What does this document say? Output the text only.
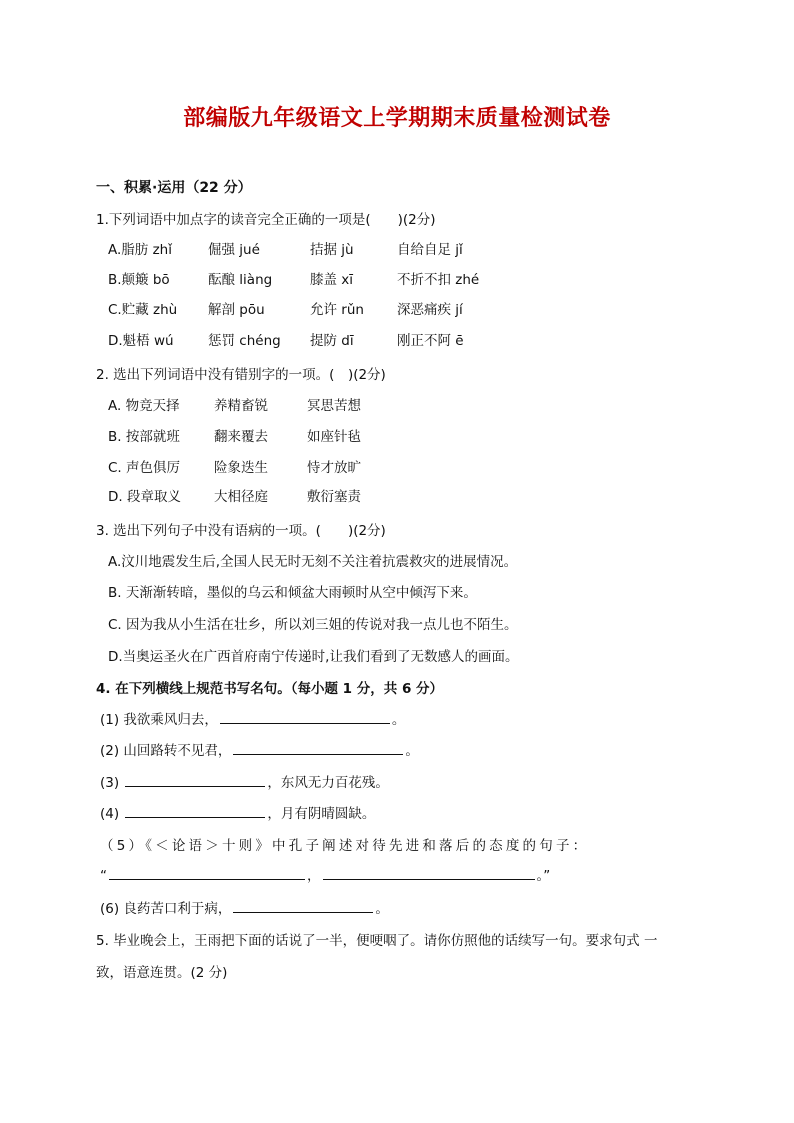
部编版九年级语文上学期期末质量检测试卷
一、积累·运用（22 分）
1.下列词语中加点字的读音完全正确的一项是(　　)(2分)
A.脂肪 zhǐ	倔强 jué	拮据 jù	自给自足 jǐ
B.颠簸 bō	酝酿 liàng	膝盖 xī	不折不扣 zhé
C.贮藏 zhù 解剖 pōu	允许 rǔn 深恶痛疾 jí
D.魁梧 wú	惩罚 chéng 提防 dī	刚正不阿 ē
2. 选出下列词语中没有错别字的一项。(　)(2分)
A. 物竞天择	养精畜锐	冥思苦想
B. 按部就班	翻来覆去	如座针毡
C. 声色俱厉	险象迭生	恃才放旷
D. 段章取义 大相径庭	敷衍塞责
3. 选出下列句子中没有语病的一项。(　　)(2分)
A.汶川地震发生后,全国人民无时无刻不关注着抗震救灾的进展情况。
B. 天渐渐转暗，墨似的乌云和倾盆大雨顿时从空中倾泻下来。
C. 因为我从小生活在壮乡，所以刘三姐的传说对我一点儿也不陌生。
D.当奥运圣火在广西首府南宁传递时,让我们看到了无数感人的画面。
4. 在下列横线上规范书写名句。（每小题 1 分，共 6 分）
(1) 我欲乘风归去，	。
(2) 山回路转不见君，	。
(3)	，东风无力百花残。
(4)	，月有阴晴圆缺。
（5）《＜论语＞十则》中孔子阐述对待先进和落后的态度的句子：
“	，	。”
(6) 良药苦口利于病，	。
5. 毕业晚会上，王雨把下面的话说了一半，便哽咽了。请你仿照他的话续写一句。要求句式 一
致，语意连贯。(2 分)
